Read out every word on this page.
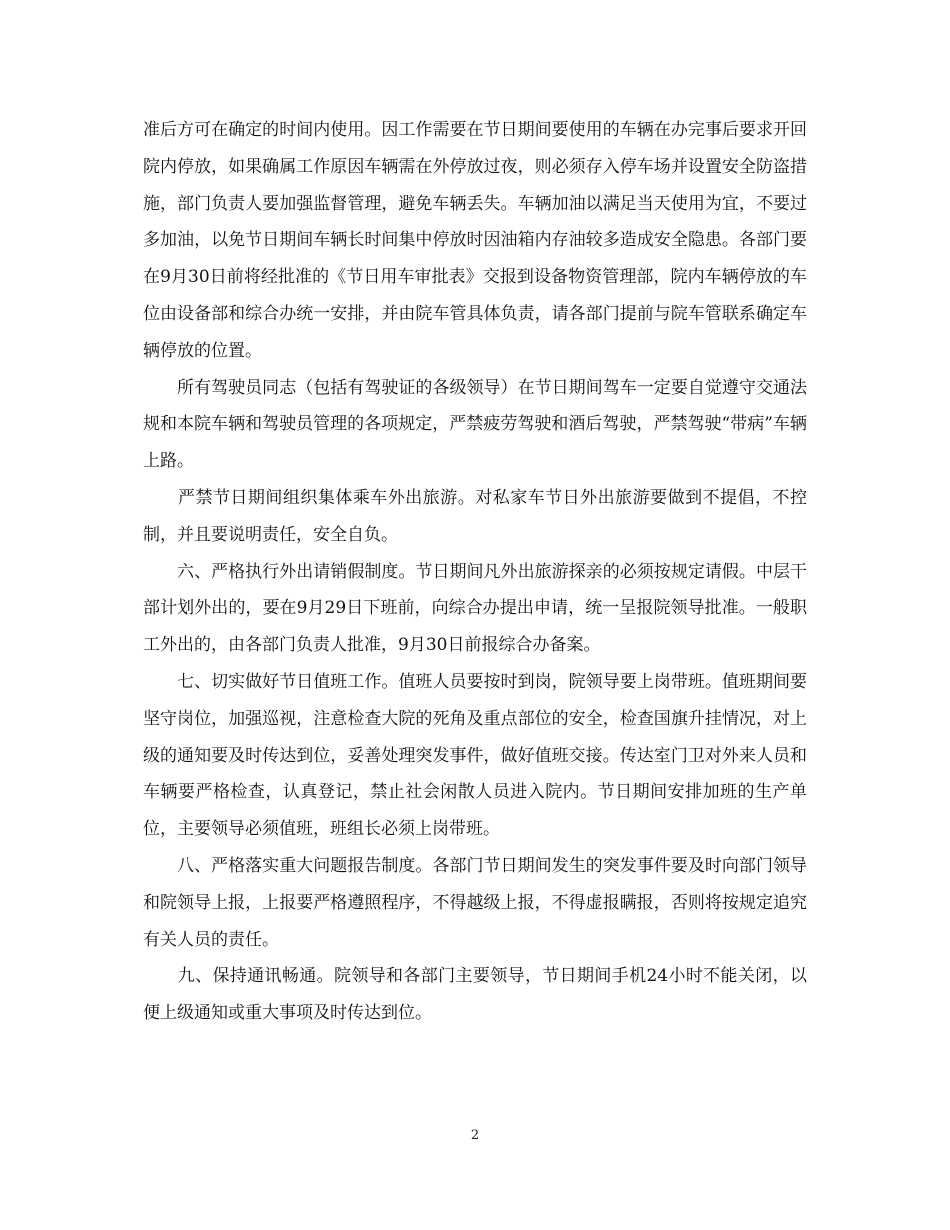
准后方可在确定的时间内使用。因工作需要在节日期间要使用的车辆在办完事后要求开回院内停放，如果确属工作原因车辆需在外停放过夜，则必须存入停车场并设置安全防盗措施，部门负责人要加强监督管理，避免车辆丢失。车辆加油以满足当天使用为宜，不要过多加油，以免节日期间车辆长时间集中停放时因油箱内存油较多造成安全隐患。各部门要在9月30日前将经批准的《节日用车审批表》交报到设备物资管理部，院内车辆停放的车位由设备部和综合办统一安排，并由院车管具体负责，请各部门提前与院车管联系确定车辆停放的位置。

　　所有驾驶员同志（包括有驾驶证的各级领导）在节日期间驾车一定要自觉遵守交通法规和本院车辆和驾驶员管理的各项规定，严禁疲劳驾驶和酒后驾驶，严禁驾驶“带病”车辆上路。

　　严禁节日期间组织集体乘车外出旅游。对私家车节日外出旅游要做到不提倡，不控制，并且要说明责任，安全自负。

　　六、严格执行外出请销假制度。节日期间凡外出旅游探亲的必须按规定请假。中层干部计划外出的，要在9月29日下班前，向综合办提出申请，统一呈报院领导批准。一般职工外出的，由各部门负责人批准，9月30日前报综合办备案。

　　七、切实做好节日值班工作。值班人员要按时到岗，院领导要上岗带班。值班期间要坚守岗位，加强巡视，注意检查大院的死角及重点部位的安全，检查国旗升挂情况，对上级的通知要及时传达到位，妥善处理突发事件，做好值班交接。传达室门卫对外来人员和车辆要严格检查，认真登记，禁止社会闲散人员进入院内。节日期间安排加班的生产单位，主要领导必须值班，班组长必须上岗带班。

　　八、严格落实重大问题报告制度。各部门节日期间发生的突发事件要及时向部门领导和院领导上报，上报要严格遵照程序，不得越级上报，不得虚报瞒报，否则将按规定追究有关人员的责任。

　　九、保持通讯畅通。院领导和各部门主要领导，节日期间手机24小时不能关闭，以便上级通知或重大事项及时传达到位。

2
